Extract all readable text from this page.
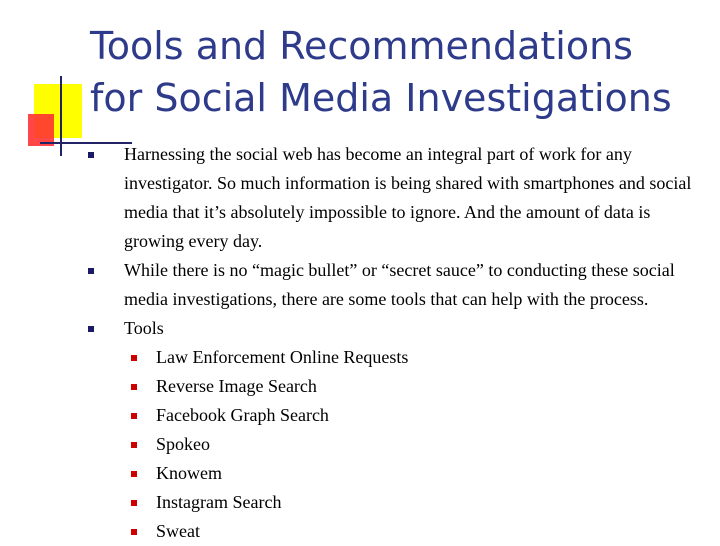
Tools and Recommendations
for Social Media Investigations
Harnessing the social web has become an integral part of work for any investigator. So much information is being shared with smartphones and social media that it’s absolutely impossible to ignore. And the amount of data is growing every day.
While there is no “magic bullet” or “secret sauce” to conducting these social media investigations, there are some tools that can help with the process.
Tools
Law Enforcement Online Requests
Reverse Image Search
Facebook Graph Search
Spokeo
Knowem
Instagram Search
Sweat
